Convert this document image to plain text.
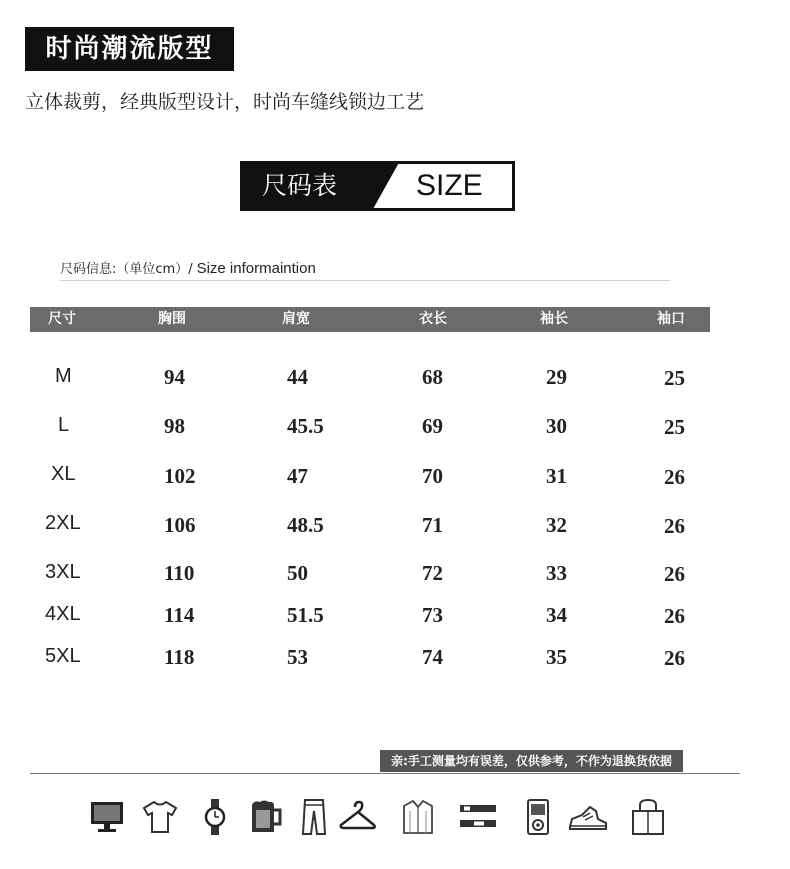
时尚潮流版型
立体裁剪，经典版型设计，时尚车缝线锁边工艺
尺码表	SIZE
尺码信息:（单位cm）/ Size informaintion
尺寸	胸围	肩宽	衣长	袖长	袖口
M	94	44	68	29	25
L	98	45.5	69	30	25
XL	102	47	70	31	26
2XL	106	48.5	71	32	26
3XL	110	50	72	33	26
4XL	114	51.5	73	34	26
5XL	118	53	74	35	26
亲:手工测量均有误差，仅供参考，不作为退换货依据
